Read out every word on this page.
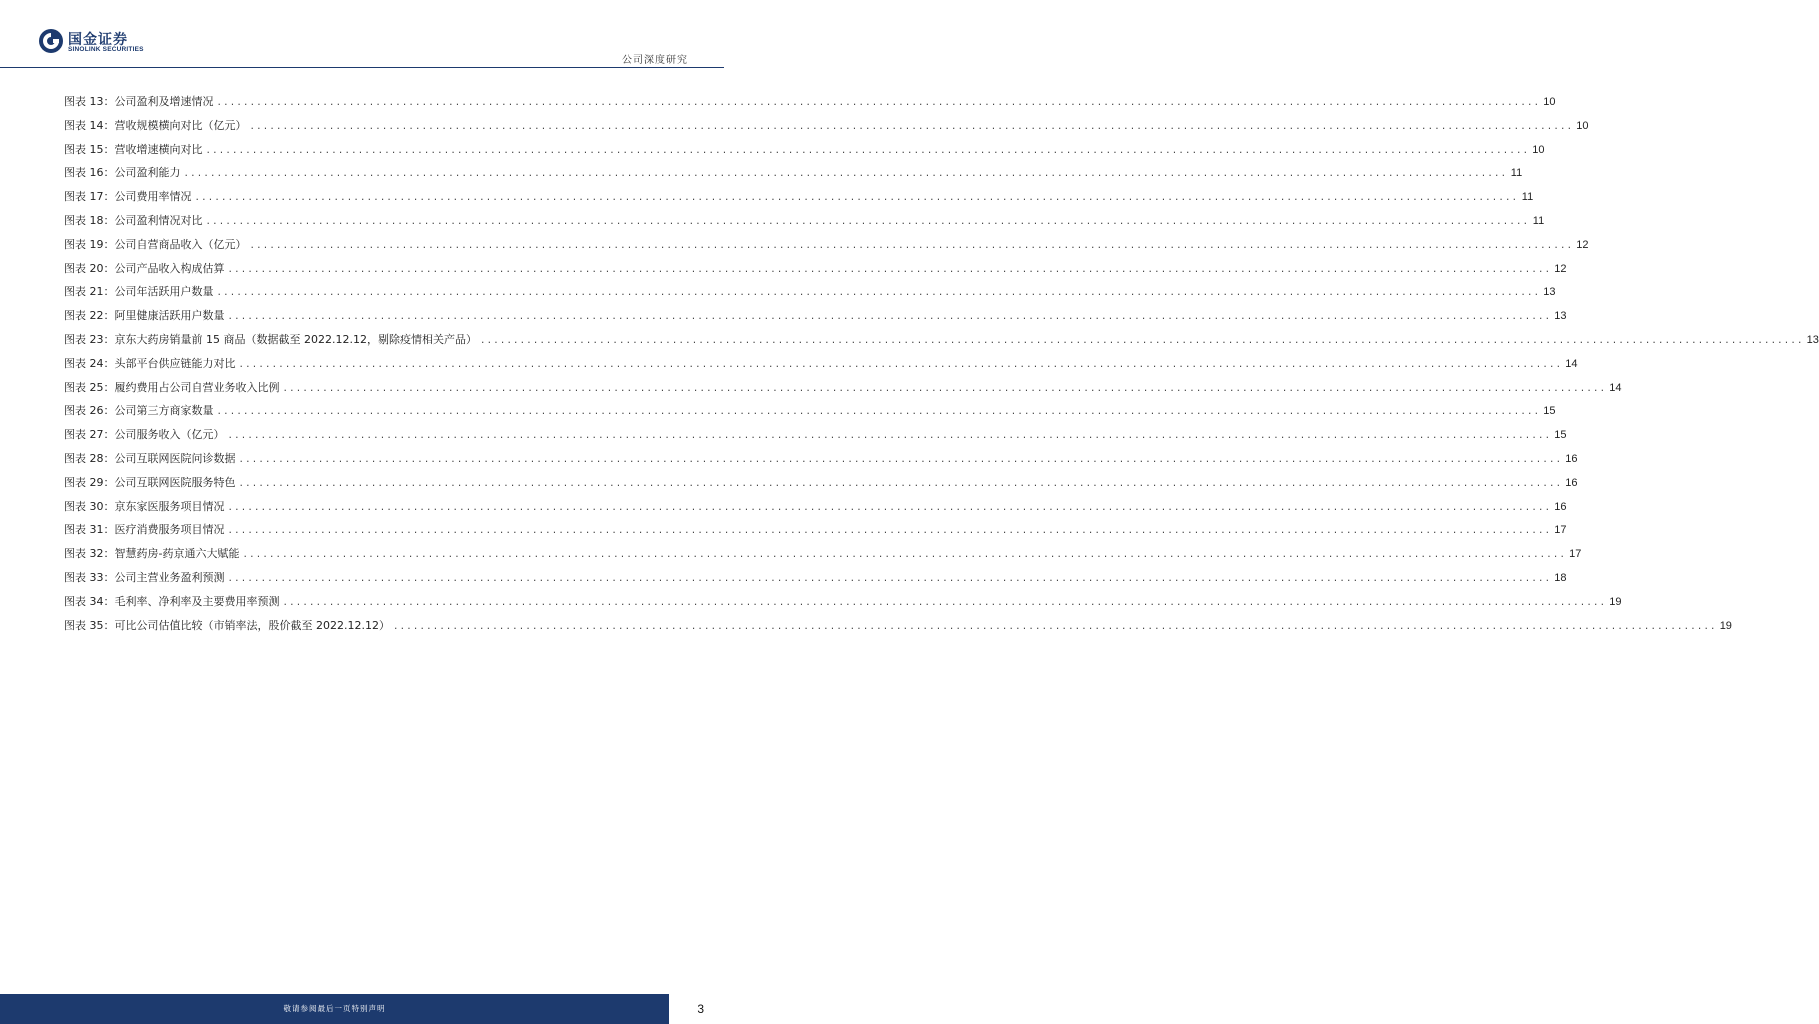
国金证券
SINOLINK SECURITIES
公司深度研究
图表 13：公司盈利及增速情况 ........................................................................................................................................................................................................ 10
图表 14：营收规模横向对比（亿元） ........................................................................................................................................................................................................ 10
图表 15：营收增速横向对比 ........................................................................................................................................................................................................ 10
图表 16：公司盈利能力 ........................................................................................................................................................................................................ 11
图表 17：公司费用率情况 ........................................................................................................................................................................................................ 11
图表 18：公司盈利情况对比 ........................................................................................................................................................................................................ 11
图表 19：公司自营商品收入（亿元） ........................................................................................................................................................................................................ 12
图表 20：公司产品收入构成估算 ........................................................................................................................................................................................................ 12
图表 21：公司年活跃用户数量 ........................................................................................................................................................................................................ 13
图表 22：阿里健康活跃用户数量 ........................................................................................................................................................................................................ 13
图表 23：京东大药房销量前 15 商品（数据截至 2022.12.12，剔除疫情相关产品） ........................................................................................................................................................................................................ 13
图表 24：头部平台供应链能力对比 ........................................................................................................................................................................................................ 14
图表 25：履约费用占公司自营业务收入比例 ........................................................................................................................................................................................................ 14
图表 26：公司第三方商家数量 ........................................................................................................................................................................................................ 15
图表 27：公司服务收入（亿元） ........................................................................................................................................................................................................ 15
图表 28：公司互联网医院问诊数据 ........................................................................................................................................................................................................ 16
图表 29：公司互联网医院服务特色 ........................................................................................................................................................................................................ 16
图表 30：京东家医服务项目情况 ........................................................................................................................................................................................................ 16
图表 31：医疗消费服务项目情况 ........................................................................................................................................................................................................ 17
图表 32：智慧药房-药京通六大赋能 ........................................................................................................................................................................................................ 17
图表 33：公司主营业务盈利预测 ........................................................................................................................................................................................................ 18
图表 34：毛利率、净利率及主要费用率预测 ........................................................................................................................................................................................................ 19
图表 35：可比公司估值比较（市销率法，股价截至 2022.12.12） ........................................................................................................................................................................................................ 19
敬请参阅最后一页特别声明	3
